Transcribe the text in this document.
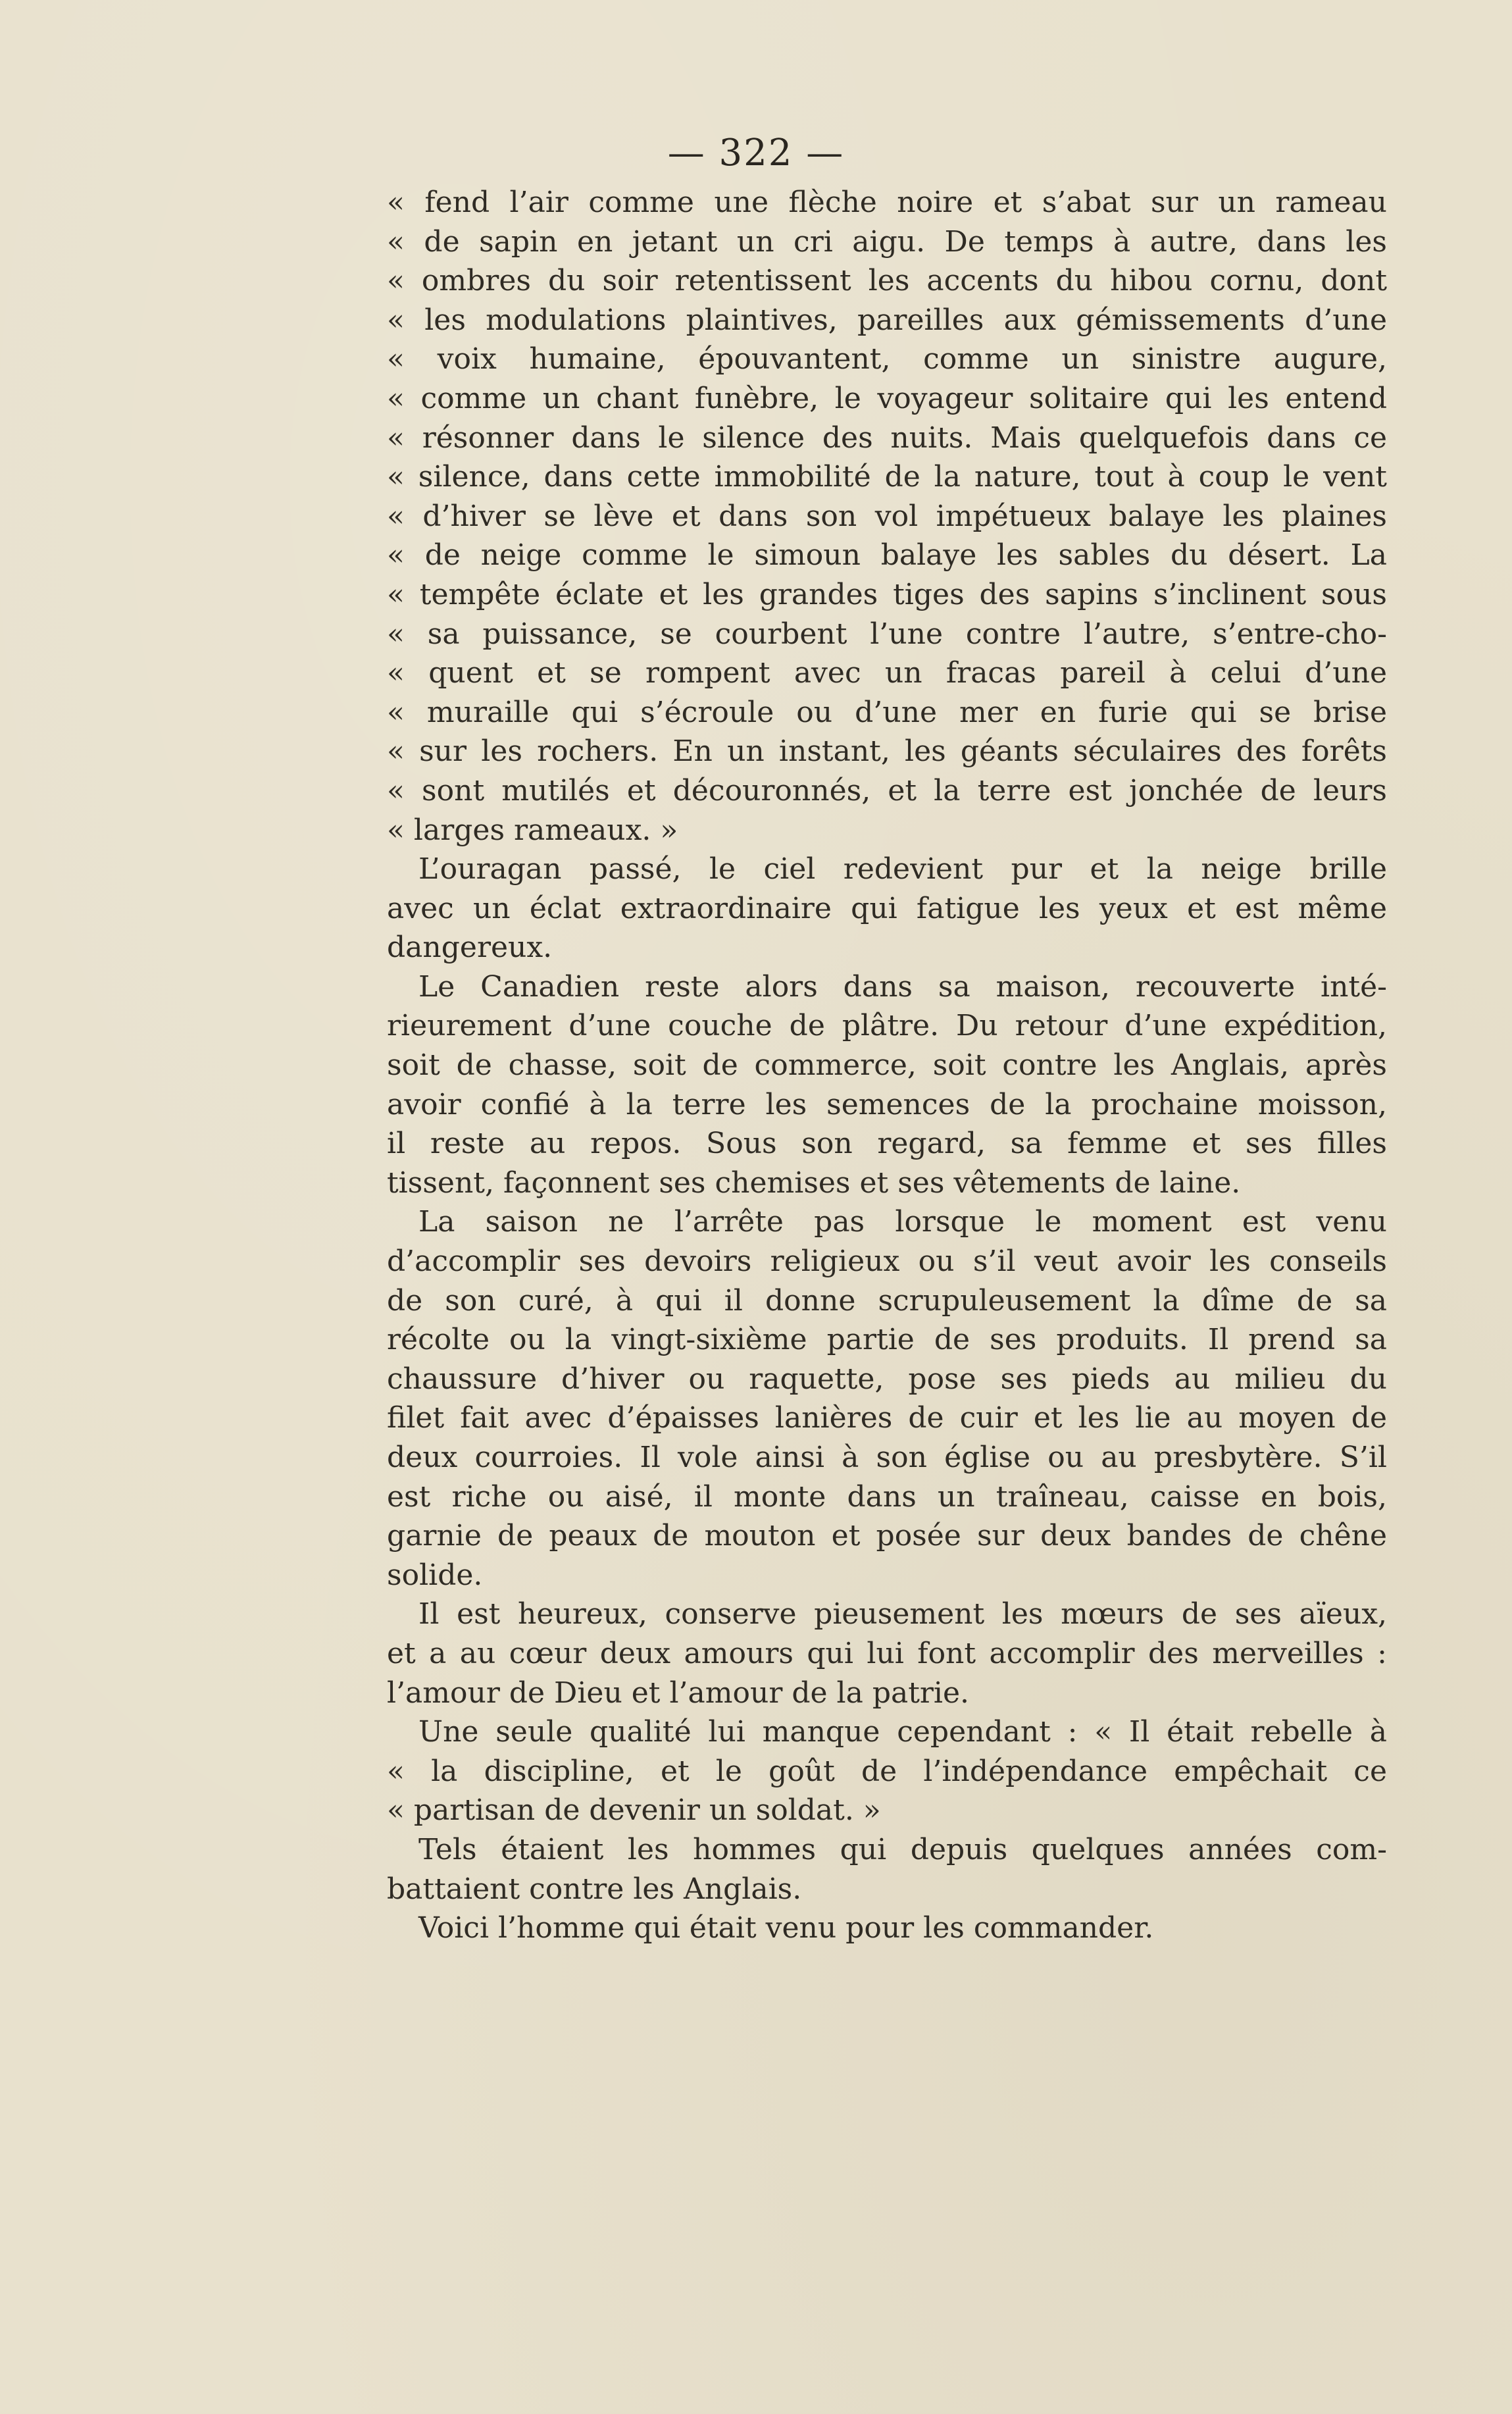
— 322 —
« fend l’air comme une flèche noire et s’abat sur un rameau
« de sapin en jetant un cri aigu. De temps à autre, dans les
« ombres du soir retentissent les accents du hibou cornu, dont
« les modulations plaintives, pareilles aux gémissements d’une
« voix humaine, épouvantent, comme un sinistre augure,
« comme un chant funèbre, le voyageur solitaire qui les entend
« résonner dans le silence des nuits. Mais quelquefois dans ce
« silence, dans cette immobilité de la nature, tout à coup le vent
« d’hiver se lève et dans son vol impétueux balaye les plaines
« de neige comme le simoun balaye les sables du désert. La
« tempête éclate et les grandes tiges des sapins s’inclinent sous
« sa puissance, se courbent l’une contre l’autre, s’entre-cho-
« quent et se rompent avec un fracas pareil à celui d’une
« muraille qui s’écroule ou d’une mer en furie qui se brise
« sur les rochers. En un instant, les géants séculaires des forêts
« sont mutilés et découronnés, et la terre est jonchée de leurs
« larges rameaux. »
L’ouragan passé, le ciel redevient pur et la neige brille
avec un éclat extraordinaire qui fatigue les yeux et est même
dangereux.
Le Canadien reste alors dans sa maison, recouverte inté-
rieurement d’une couche de plâtre. Du retour d’une expédition,
soit de chasse, soit de commerce, soit contre les Anglais, après
avoir confié à la terre les semences de la prochaine moisson,
il reste au repos. Sous son regard, sa femme et ses filles
tissent, façonnent ses chemises et ses vêtements de laine.
La saison ne l’arrête pas lorsque le moment est venu
d’accomplir ses devoirs religieux ou s’il veut avoir les conseils
de son curé, à qui il donne scrupuleusement la dîme de sa
récolte ou la vingt-sixième partie de ses produits. Il prend sa
chaussure d’hiver ou raquette, pose ses pieds au milieu du
filet fait avec d’épaisses lanières de cuir et les lie au moyen de
deux courroies. Il vole ainsi à son église ou au presbytère. S’il
est riche ou aisé, il monte dans un traîneau, caisse en bois,
garnie de peaux de mouton et posée sur deux bandes de chêne
solide.
Il est heureux, conserve pieusement les mœurs de ses aïeux,
et a au cœur deux amours qui lui font accomplir des merveilles :
l’amour de Dieu et l’amour de la patrie.
Une seule qualité lui manque cependant : « Il était rebelle à
« la discipline, et le goût de l’indépendance empêchait ce
« partisan de devenir un soldat. »
Tels étaient les hommes qui depuis quelques années com-
battaient contre les Anglais.
Voici l’homme qui était venu pour les commander.
